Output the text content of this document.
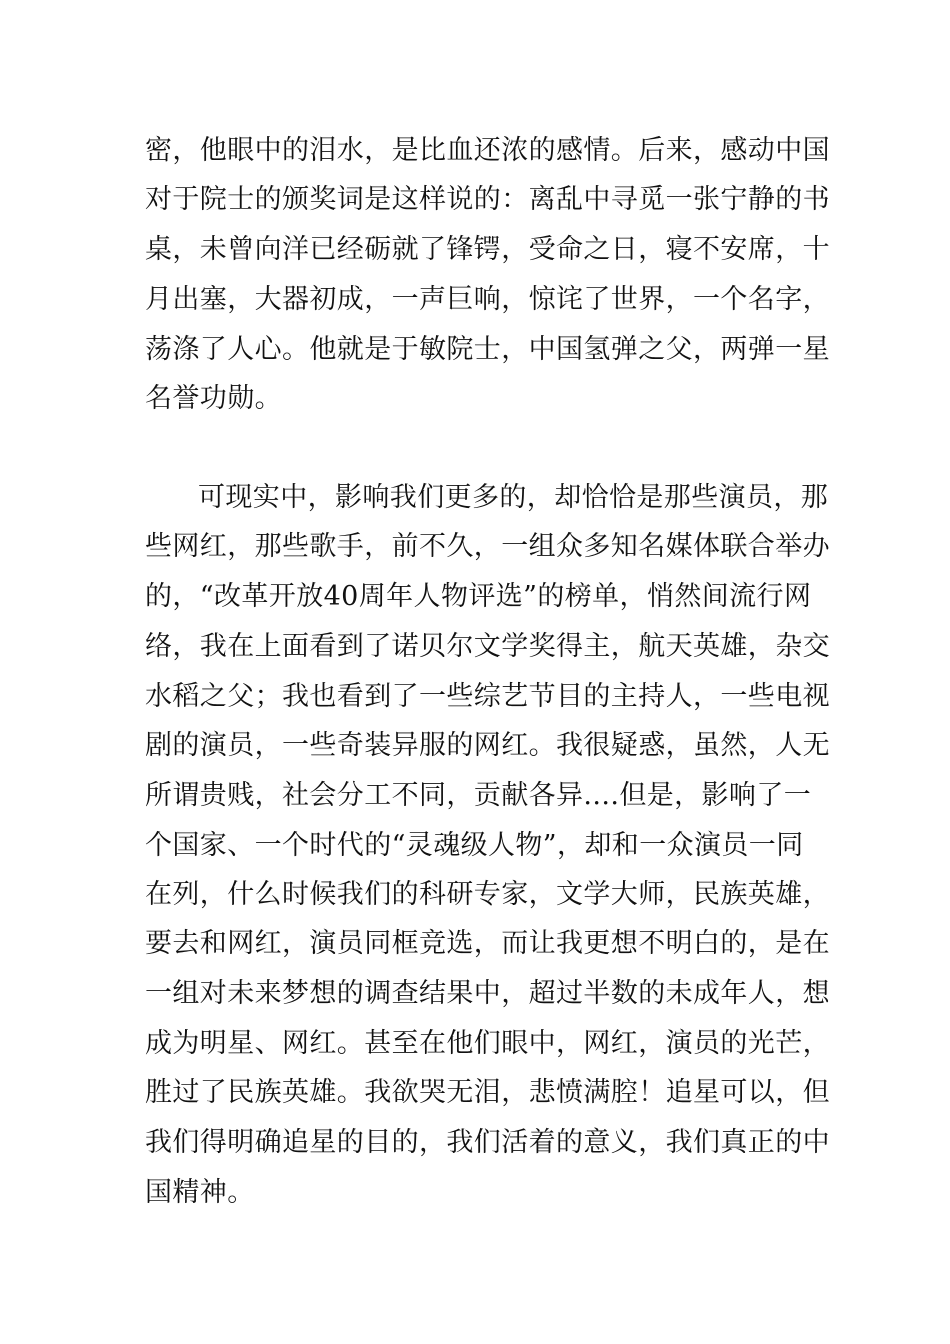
密，他眼中的泪水，是比血还浓的感情。后来，感动中国

对于院士的颁奖词是这样说的：离乱中寻觅一张宁静的书

桌，未曾向洋已经砺就了锋锷，受命之日，寝不安席，十

月出塞，大器初成，一声巨响，惊诧了世界，一个名字，

荡涤了人心。他就是于敏院士，中国氢弹之父，两弹一星

名誉功勋。

可现实中，影响我们更多的，却恰恰是那些演员，那

些网红，那些歌手，前不久，一组众多知名媒体联合举办

的，“改革开放40周年人物评选”的榜单，悄然间流行网

络，我在上面看到了诺贝尔文学奖得主，航天英雄，杂交

水稻之父；我也看到了一些综艺节目的主持人，一些电视

剧的演员，一些奇装异服的网红。我很疑惑，虽然，人无

所谓贵贱，社会分工不同，贡献各异....但是，影响了一

个国家、一个时代的“灵魂级人物”，却和一众演员一同

在列，什么时候我们的科研专家，文学大师，民族英雄，

要去和网红，演员同框竞选，而让我更想不明白的，是在

一组对未来梦想的调查结果中，超过半数的未成年人，想

成为明星、网红。甚至在他们眼中，网红，演员的光芒，

胜过了民族英雄。我欲哭无泪，悲愤满腔！追星可以，但

我们得明确追星的目的，我们活着的意义，我们真正的中

国精神。
